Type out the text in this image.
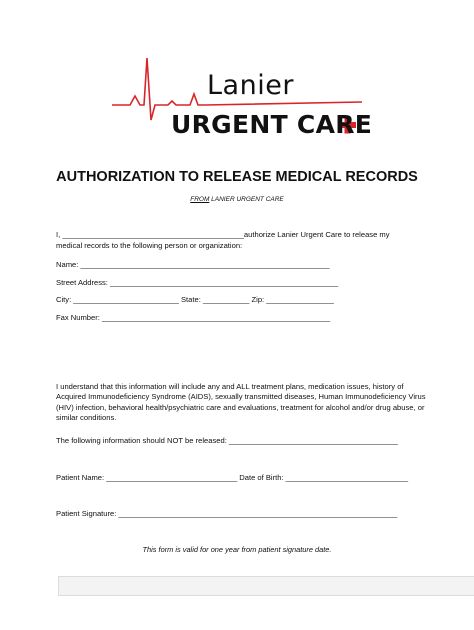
Lanier
URGENT CARE
AUTHORIZATION TO RELEASE MEDICAL RECORDS
FROM LANIER URGENT CARE
I, ___________________________________________authorize Lanier Urgent Care to release my
medical records to the following person or organization:
Name: ___________________________________________________________
Street Address: ______________________________________________________
City: _________________________ State: ___________ Zip: ________________
Fax Number: ______________________________________________________
I understand that this information will include any and ALL treatment plans, medication issues, history of Acquired Immunodeficiency Syndrome (AIDS), sexually transmitted diseases, Human Immunodeficiency Virus (HIV) infection, behavioral health/psychiatric care and evaluations, treatment for alcohol and/or drug abuse, or similar conditions.
The following information should NOT be released: ________________________________________
Patient Name: _______________________________ Date of Birth: _____________________________
Patient Signature: __________________________________________________________________
This form is valid for one year from patient signature date.
